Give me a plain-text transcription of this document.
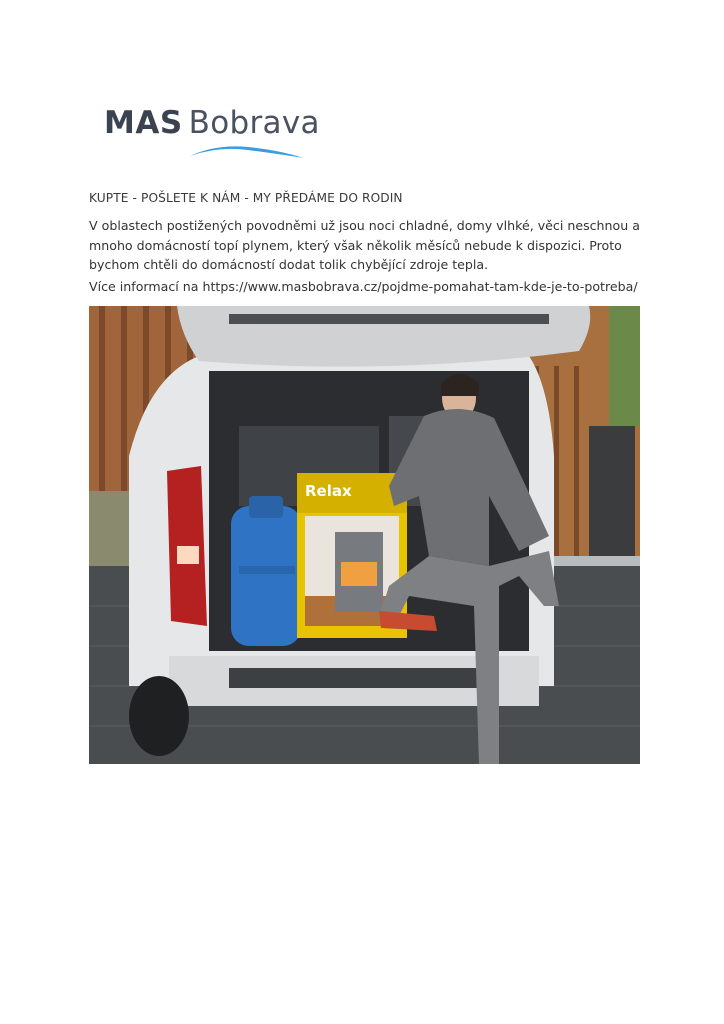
MAS Bobrava
KUPTE - POŠLETE K NÁM - MY PŘEDÁME DO RODIN
V oblastech postižených povodněmi už jsou noci chladné, domy vlhké, věci neschnou a mnoho domácností topí plynem, který však několik měsíců nebude k dispozici. Proto bychom chtěli do domácností dodat tolik chybějící zdroje tepla.
Více informací na https://www.masbobrava.cz/pojdme-pomahat-tam-kde-je-to-potreba/
Relax
